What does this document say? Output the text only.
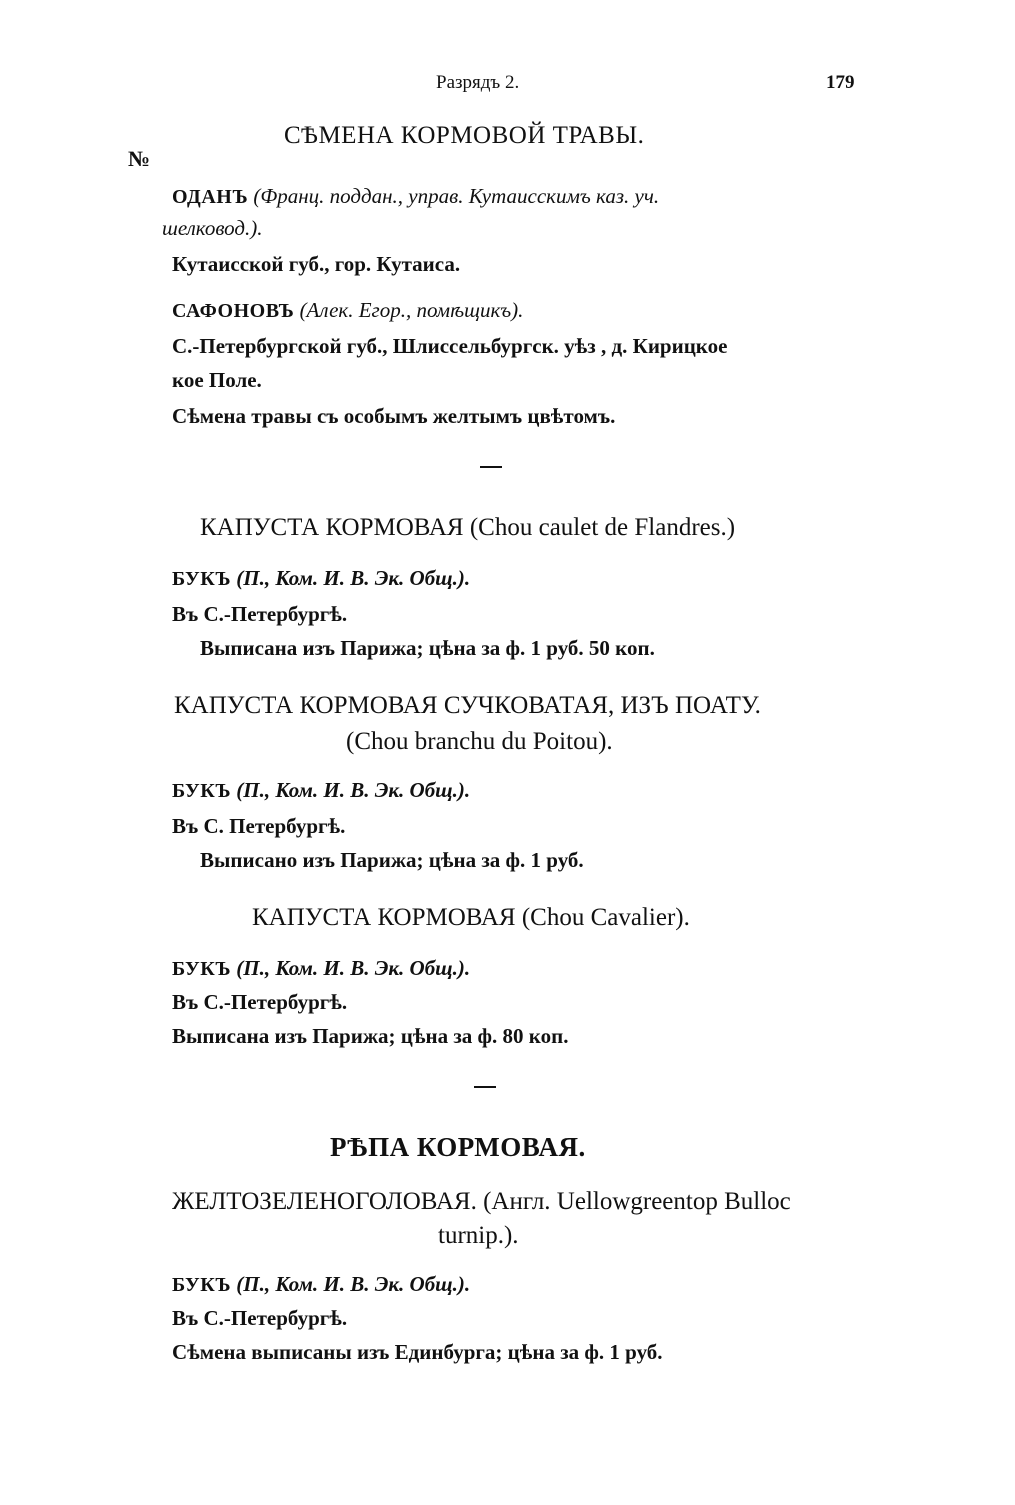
Разрядъ 2.	179
СѢМЕНА КОРМОВОЙ ТРАВЫ.
№
ОДАНЪ (Франц. поддан., управ. Кутаисскимъ каз. уч.
шелковод.).
Кутаисской губ., гор. Кутаиса.
САФОНОВЪ (Алек. Егор., помѣщикъ).
С.-Петербургской губ., Шлиссельбургск. уѣз , д. Кирицкое
кое Поле.
Сѣмена травы съ особымъ желтымъ цвѣтомъ.
КАПУСТА КОРМОВАЯ (Chou caulet de Flandres.)
БУКЪ (П., Ком. И. В. Эк. Общ.).
Въ С.-Петербургѣ.
Выписана изъ Парижа; цѣна за ф. 1 руб. 50 коп.
КАПУСТА КОРМОВАЯ СУЧКОВАТАЯ, ИЗЪ ПОАТУ.
(Chou branchu du Poitou).
БУКЪ (П., Ком. И. В. Эк. Общ.).
Въ С. Петербургѣ.
Выписано изъ Парижа; цѣна за ф. 1 руб.
КАПУСТА КОРМОВАЯ (Chou Cavalier).
БУКЪ (П., Ком. И. В. Эк. Общ.).
Въ С.-Петербургѣ.
Выписана изъ Парижа; цѣна за ф. 80 коп.
РѢПА КОРМОВАЯ.
ЖЕЛТОЗЕЛЕНОГОЛОВАЯ. (Англ. Uellowgreentop Bulloc
turnip.).
БУКЪ (П., Ком. И. В. Эк. Общ.).
Въ С.-Петербургѣ.
Сѣмена выписаны изъ Единбурга; цѣна за ф. 1 руб.
